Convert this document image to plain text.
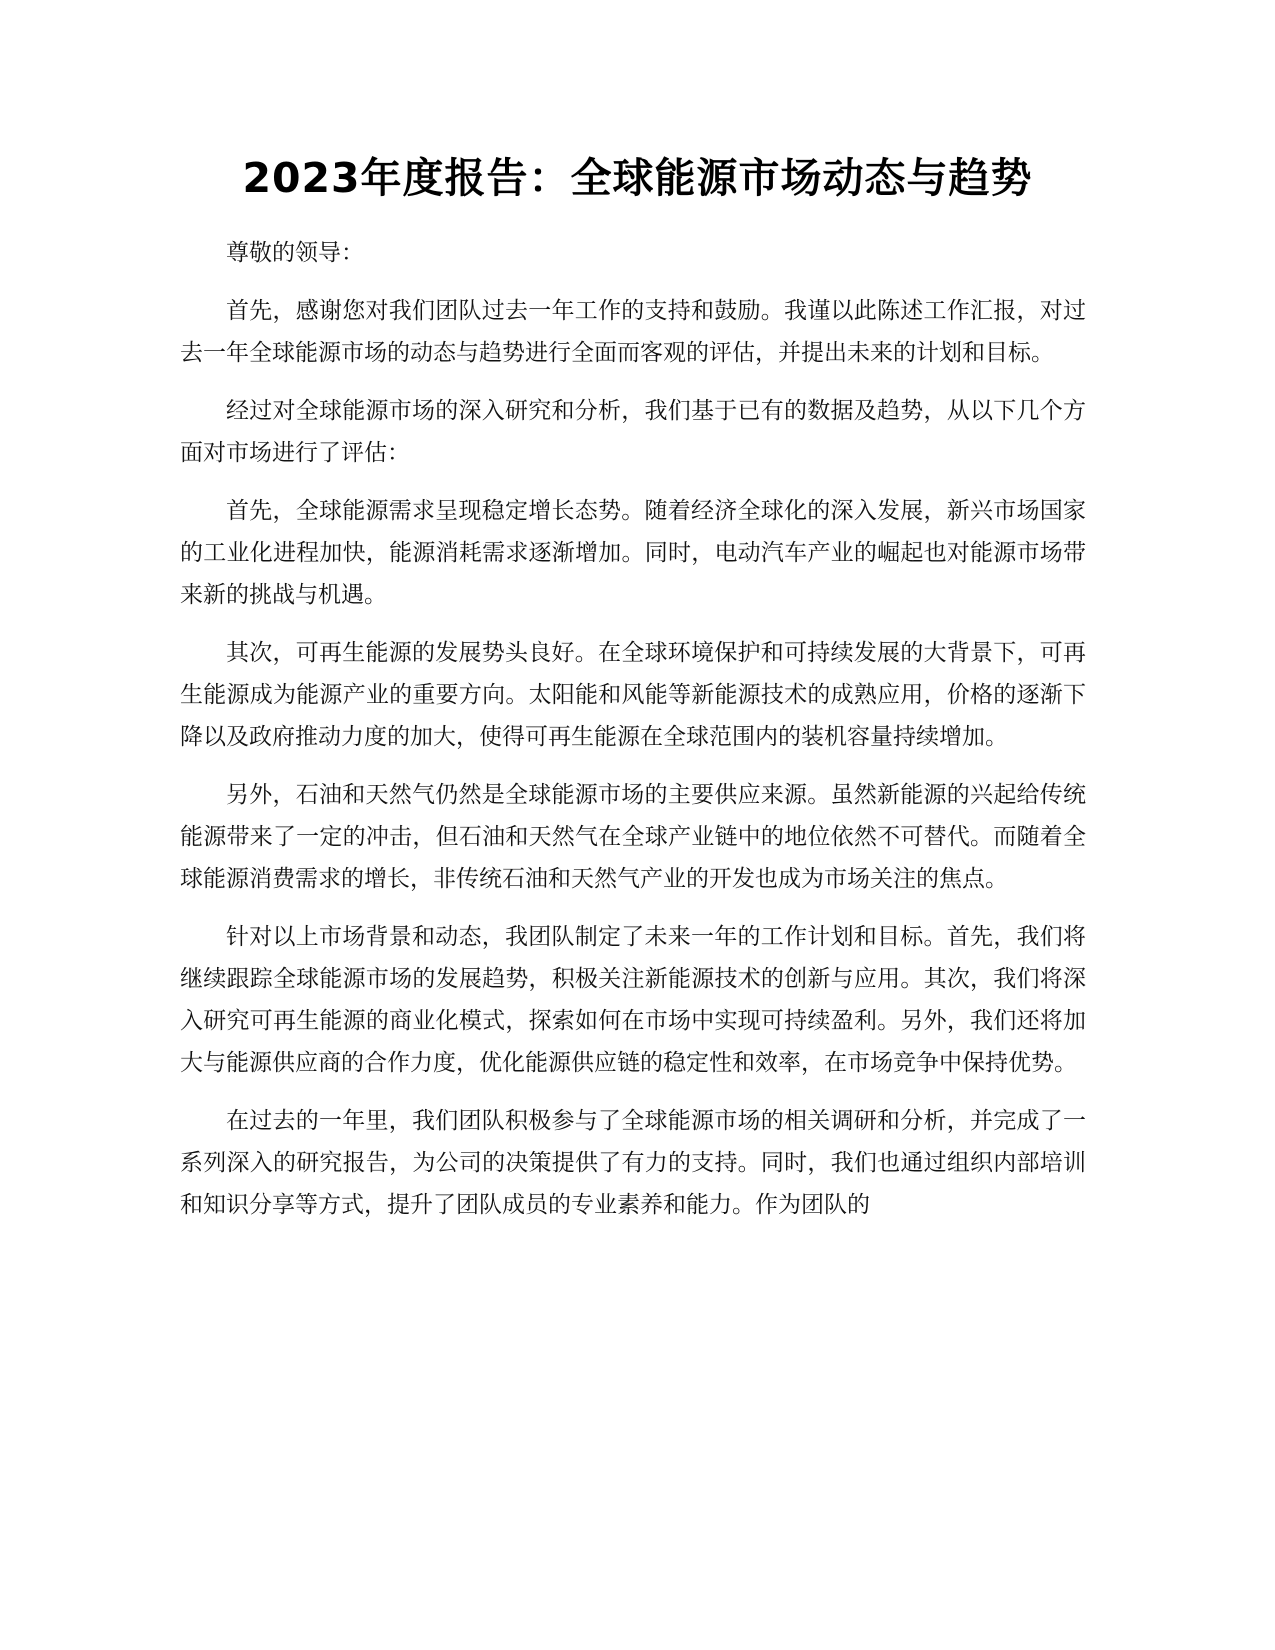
2023年度报告：全球能源市场动态与趋势

尊敬的领导：

首先，感谢您对我们团队过去一年工作的支持和鼓励。我谨以此陈述工作汇报，对过去一年全球能源市场的动态与趋势进行全面而客观的评估，并提出未来的计划和目标。

经过对全球能源市场的深入研究和分析，我们基于已有的数据及趋势，从以下几个方面对市场进行了评估：

首先，全球能源需求呈现稳定增长态势。随着经济全球化的深入发展，新兴市场国家的工业化进程加快，能源消耗需求逐渐增加。同时，电动汽车产业的崛起也对能源市场带来新的挑战与机遇。

其次，可再生能源的发展势头良好。在全球环境保护和可持续发展的大背景下，可再生能源成为能源产业的重要方向。太阳能和风能等新能源技术的成熟应用，价格的逐渐下降以及政府推动力度的加大，使得可再生能源在全球范围内的装机容量持续增加。

另外，石油和天然气仍然是全球能源市场的主要供应来源。虽然新能源的兴起给传统能源带来了一定的冲击，但石油和天然气在全球产业链中的地位依然不可替代。而随着全球能源消费需求的增长，非传统石油和天然气产业的开发也成为市场关注的焦点。

针对以上市场背景和动态，我团队制定了未来一年的工作计划和目标。首先，我们将继续跟踪全球能源市场的发展趋势，积极关注新能源技术的创新与应用。其次，我们将深入研究可再生能源的商业化模式，探索如何在市场中实现可持续盈利。另外，我们还将加大与能源供应商的合作力度，优化能源供应链的稳定性和效率，在市场竞争中保持优势。

在过去的一年里，我们团队积极参与了全球能源市场的相关调研和分析，并完成了一系列深入的研究报告，为公司的决策提供了有力的支持。同时，我们也通过组织内部培训和知识分享等方式，提升了团队成员的专业素养和能力。作为团队的
